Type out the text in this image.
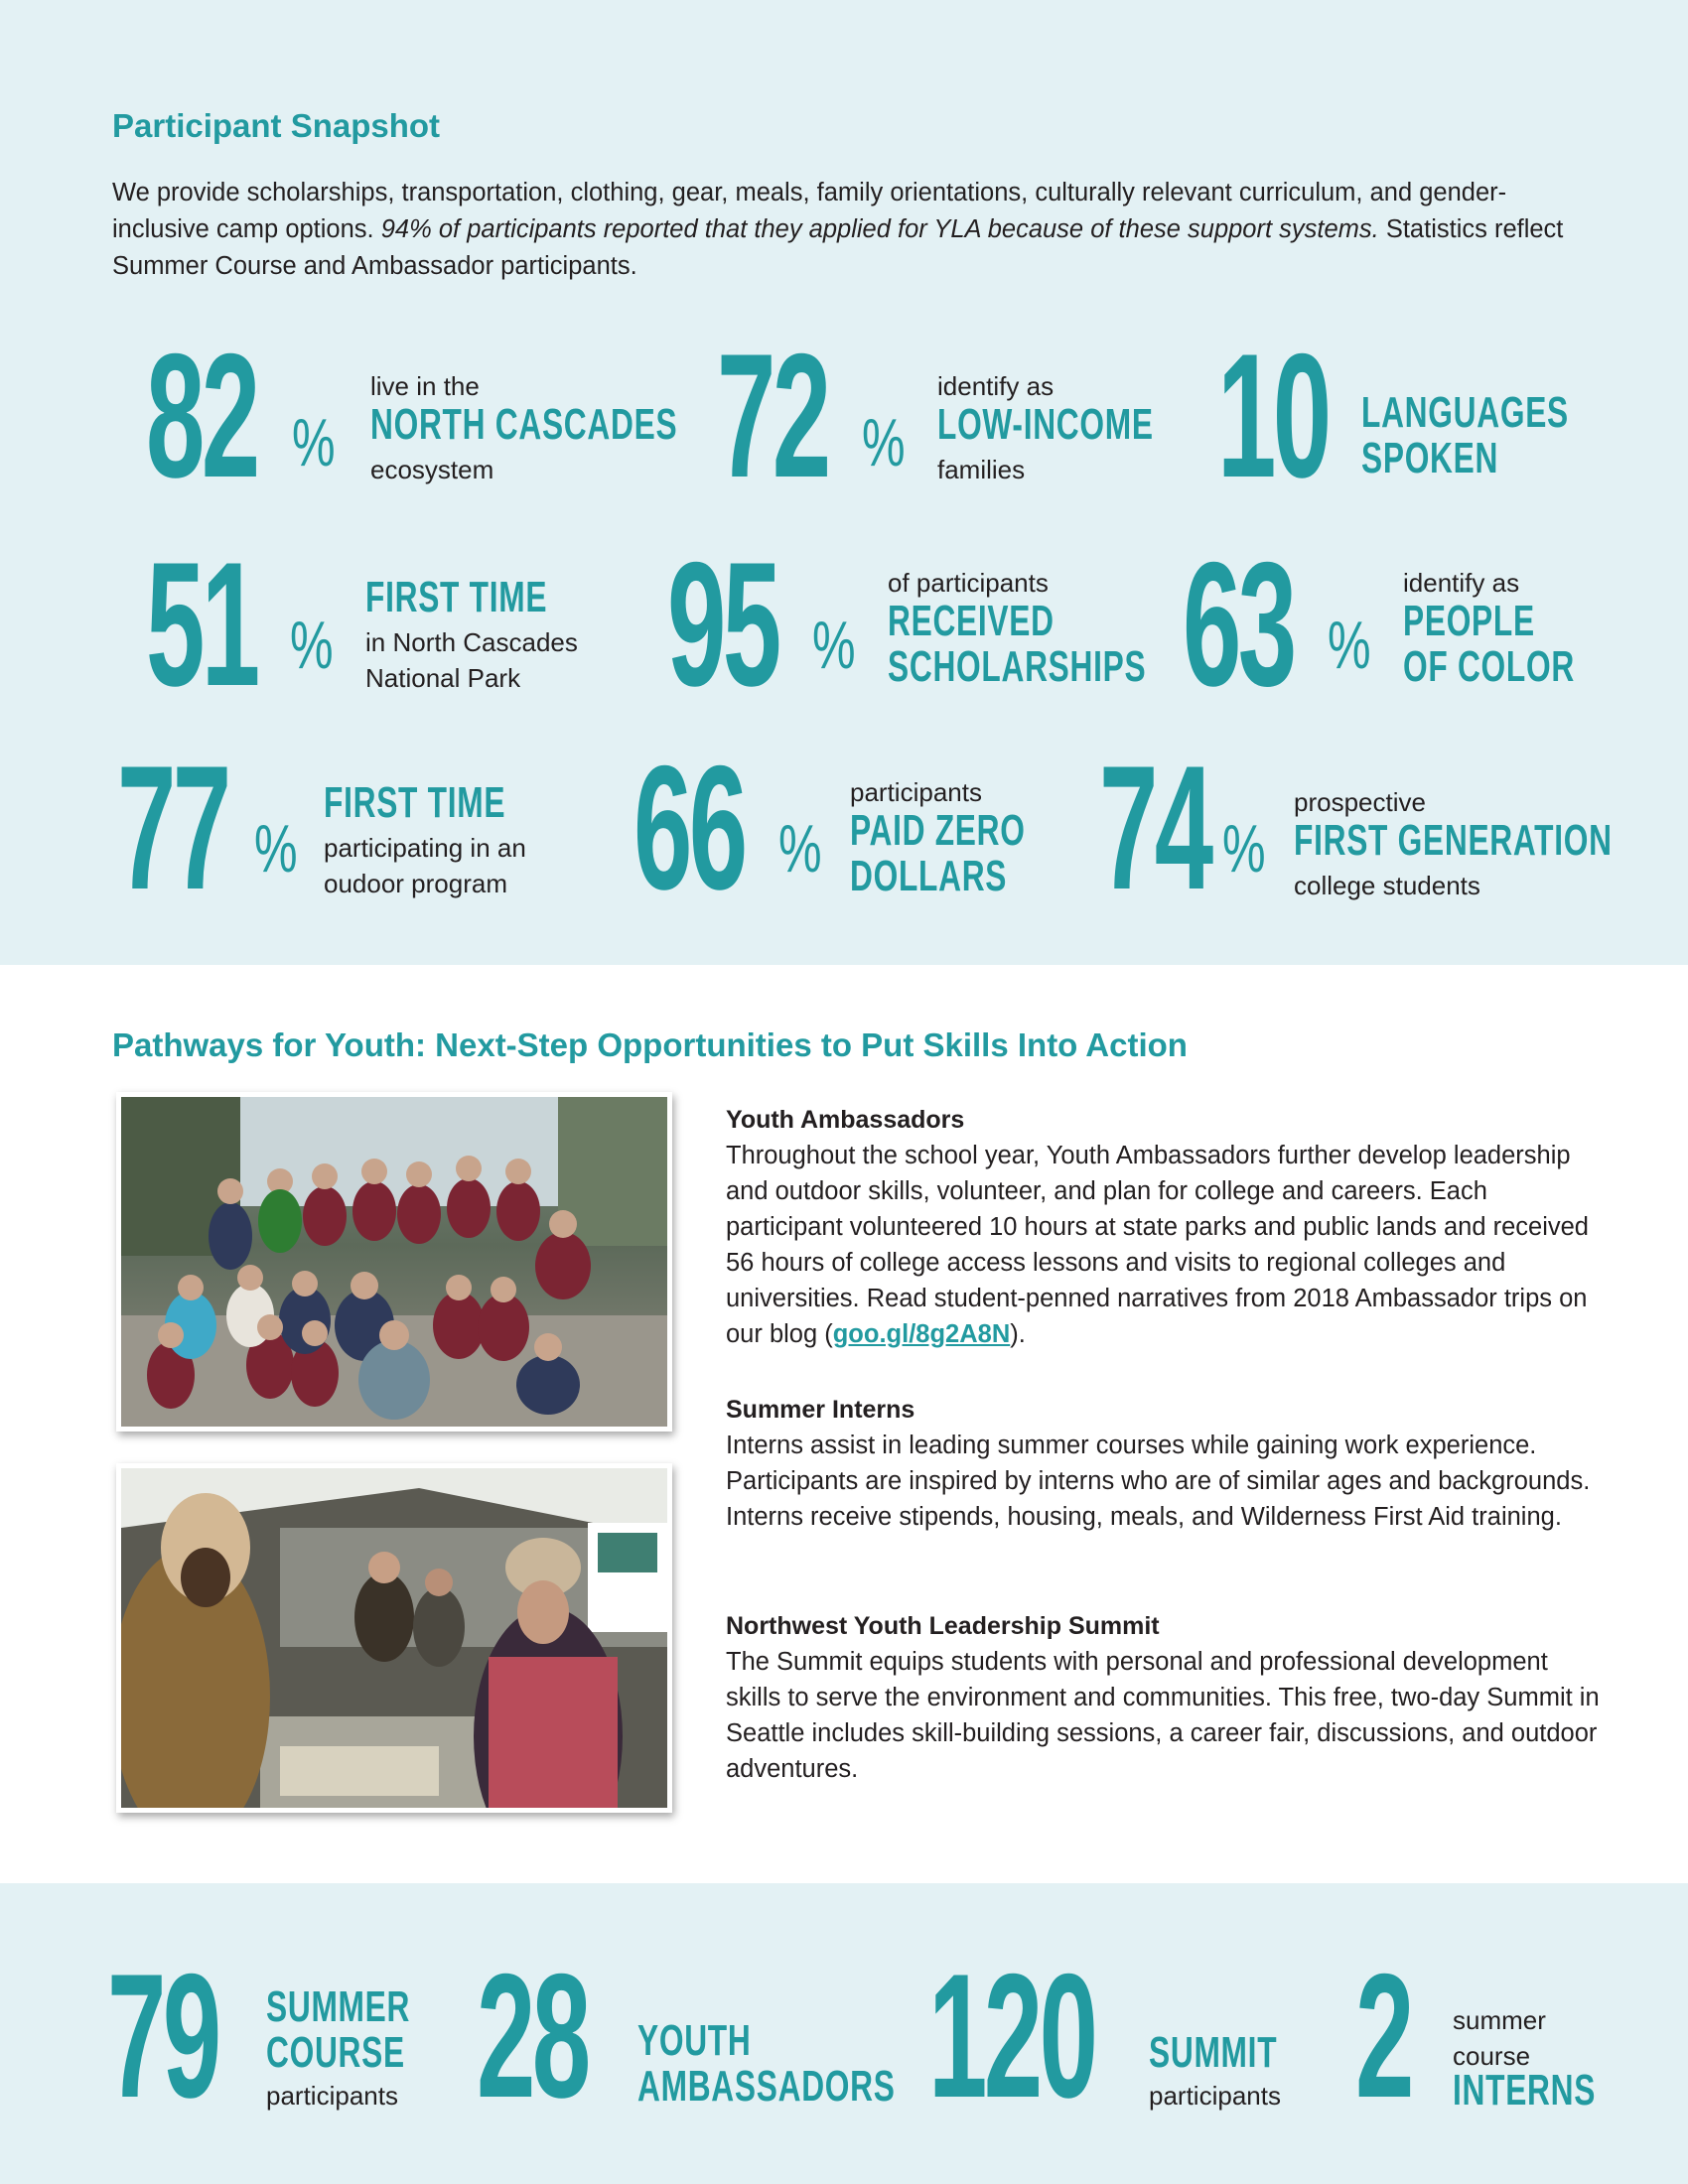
Participant Snapshot

We provide scholarships, transportation, clothing, gear, meals, family orientations, culturally relevant curriculum, and gender-inclusive camp options. 94% of participants reported that they applied for YLA because of these support systems. Statistics reflect Summer Course and Ambassador participants.

82 %
live in the
NORTH CASCADES
ecosystem 72 %
identify as
LOW-INCOME
families 10 LANGUAGES
SPOKEN
51 %
FIRST TIME
in North Cascades
National Park 95 %
of participants
RECEIVED
SCHOLARSHIPS 63 %
identify as
PEOPLE
OF COLOR
77 %
FIRST TIME
participating in an
oudoor program 66 %
participants
PAID ZERO
DOLLARS 74 %
prospective
FIRST GENERATION
college students
Pathways for Youth: Next-Step Opportunities to Put Skills Into Action
Youth Ambassadors

Throughout the school year, Youth Ambassadors further develop leadership and outdoor skills, volunteer, and plan for college and careers. Each participant volunteered 10 hours at state parks and public lands and received 56 hours of college access lessons and visits to regional colleges and universities. Read student-penned narratives from 2018 Ambassador trips on our blog (goo.gl/8g2A8N).

Summer Interns

Interns assist in leading summer courses while gaining work experience. Participants are inspired by interns who are of similar ages and backgrounds. Interns receive stipends, housing, meals, and Wilderness First Aid training.

Northwest Youth Leadership Summit

The Summit equips students with personal and professional development skills to serve the environment and communities. This free, two-day Summit in Seattle includes skill-building sessions, a career fair, discussions, and outdoor adventures.

79 SUMMER
COURSE
participants 28 YOUTH
AMBASSADORS 120 SUMMIT
participants 2 summer
course
INTERNS
